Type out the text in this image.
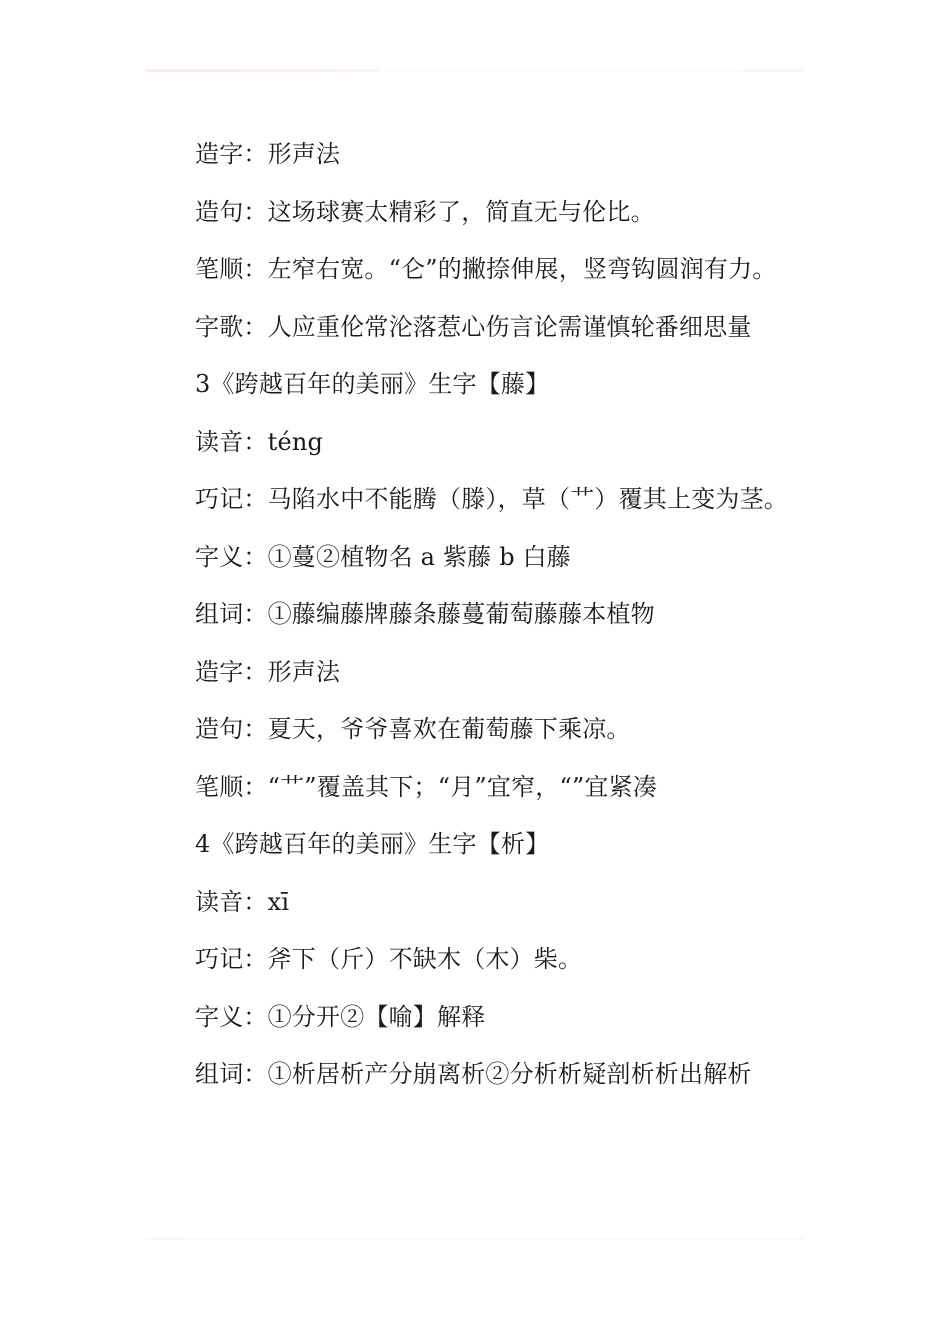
造字：形声法

造句：这场球赛太精彩了，简直无与伦比。

笔顺：左窄右宽。“仑”的撇捺伸展，竖弯钩圆润有力。

字歌：人应重伦常沦落惹心伤言论需谨慎轮番细思量

3《跨越百年的美丽》生字【藤】

读音：téng

巧记：马陷水中不能腾（滕），草（艹）覆其上变为茎。

字义：①蔓②植物名 a 紫藤 b 白藤

组词：①藤编藤牌藤条藤蔓葡萄藤藤本植物

造字：形声法

造句：夏天，爷爷喜欢在葡萄藤下乘凉。

笔顺：“艹”覆盖其下；“月”宜窄，“”宜紧凑

4《跨越百年的美丽》生字【析】

读音：xī

巧记：斧下（斤）不缺木（木）柴。

字义：①分开②【喻】解释

组词：①析居析产分崩离析②分析析疑剖析析出解析
